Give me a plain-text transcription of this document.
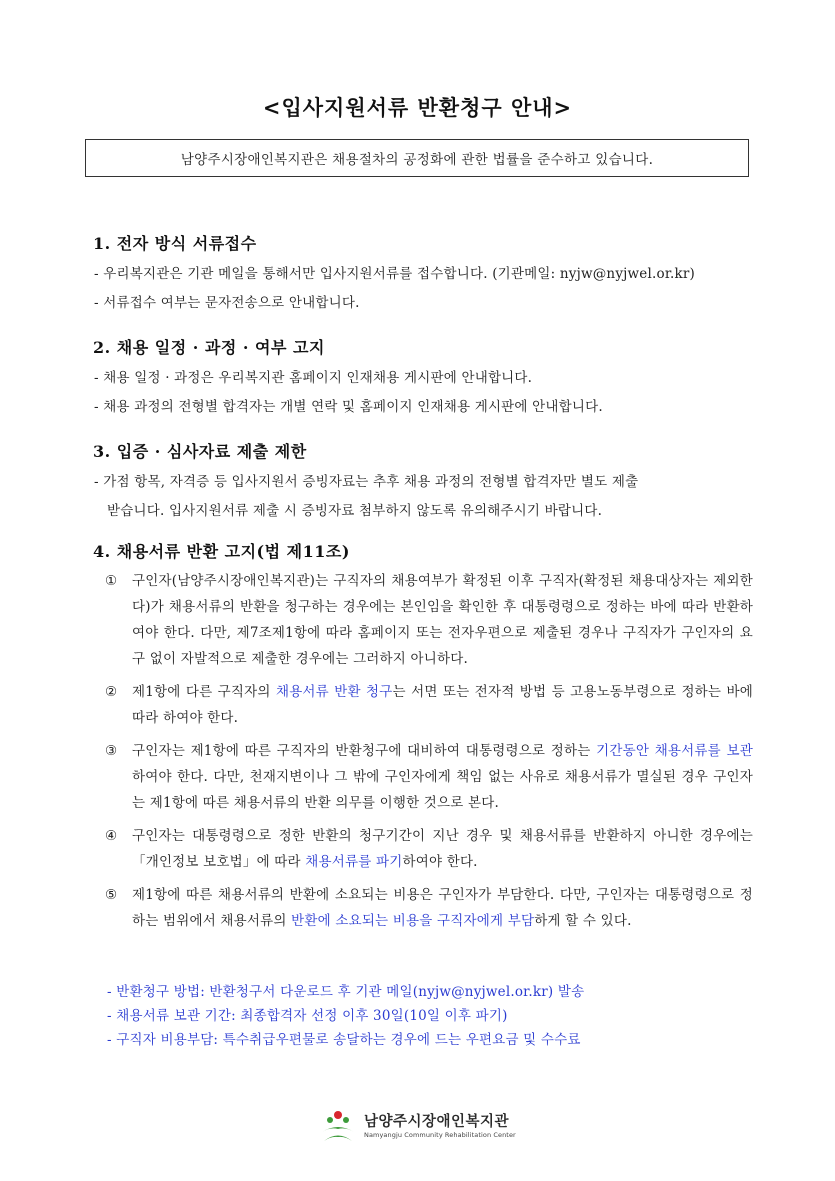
<입사지원서류 반환청구 안내>
남양주시장애인복지관은 채용절차의 공정화에 관한 법률을 준수하고 있습니다.
1. 전자 방식 서류접수

- 우리복지관은 기관 메일을 통해서만 입사지원서류를 접수합니다. (기관메일: nyjw@nyjwel.or.kr)

- 서류접수 여부는 문자전송으로 안내합니다.

2. 채용 일정 · 과정 · 여부 고지

- 채용 일정 · 과정은 우리복지관 홈페이지 인재채용 게시판에 안내합니다.

- 채용 과정의 전형별 합격자는 개별 연락 및 홈페이지 인재채용 게시판에 안내합니다.

3. 입증 · 심사자료 제출 제한

- 가점 항목, 자격증 등 입사지원서 증빙자료는 추후 채용 과정의 전형별 합격자만 별도 제출
받습니다. 입사지원서류 제출 시 증빙자료 첨부하지 않도록 유의해주시기 바랍니다.

4. 채용서류 반환 고지(법 제11조)

① 구인자(남양주시장애인복지관)는 구직자의 채용여부가 확정된 이후 구직자(확정된 채용대상자는 제외한다)가 채용서류의 반환을 청구하는 경우에는 본인임을 확인한 후 대통령령으로 정하는 바에 따라 반환하여야 한다. 다만, 제7조제1항에 따라 홈페이지 또는 전자우편으로 제출된 경우나 구직자가 구인자의 요구 없이 자발적으로 제출한 경우에는 그러하지 아니하다.

② 제1항에 다른 구직자의 채용서류 반환 청구는 서면 또는 전자적 방법 등 고용노동부령으로 정하는 바에 따라 하여야 한다.

③ 구인자는 제1항에 따른 구직자의 반환청구에 대비하여 대통령령으로 정하는 기간동안 채용서류를 보관하여야 한다. 다만, 천재지변이나 그 밖에 구인자에게 책임 없는 사유로 채용서류가 멸실된 경우 구인자는 제1항에 따른 채용서류의 반환 의무를 이행한 것으로 본다.

④ 구인자는 대통령령으로 정한 반환의 청구기간이 지난 경우 및 채용서류를 반환하지 아니한 경우에는 「개인정보 보호법」에 따라 채용서류를 파기하여야 한다.

⑤ 제1항에 따른 채용서류의 반환에 소요되는 비용은 구인자가 부담한다. 다만, 구인자는 대통령령으로 정하는 범위에서 채용서류의 반환에 소요되는 비용을 구직자에게 부담하게 할 수 있다.

- 반환청구 방법: 반환청구서 다운로드 후 기관 메일(nyjw@nyjwel.or.kr) 발송

- 채용서류 보관 기간: 최종합격자 선정 이후 30일(10일 이후 파기)

- 구직자 비용부담: 특수취급우편물로 송달하는 경우에 드는 우편요금 및 수수료

남양주시장애인복지관
Namyangju Community Rehabilitation Center
